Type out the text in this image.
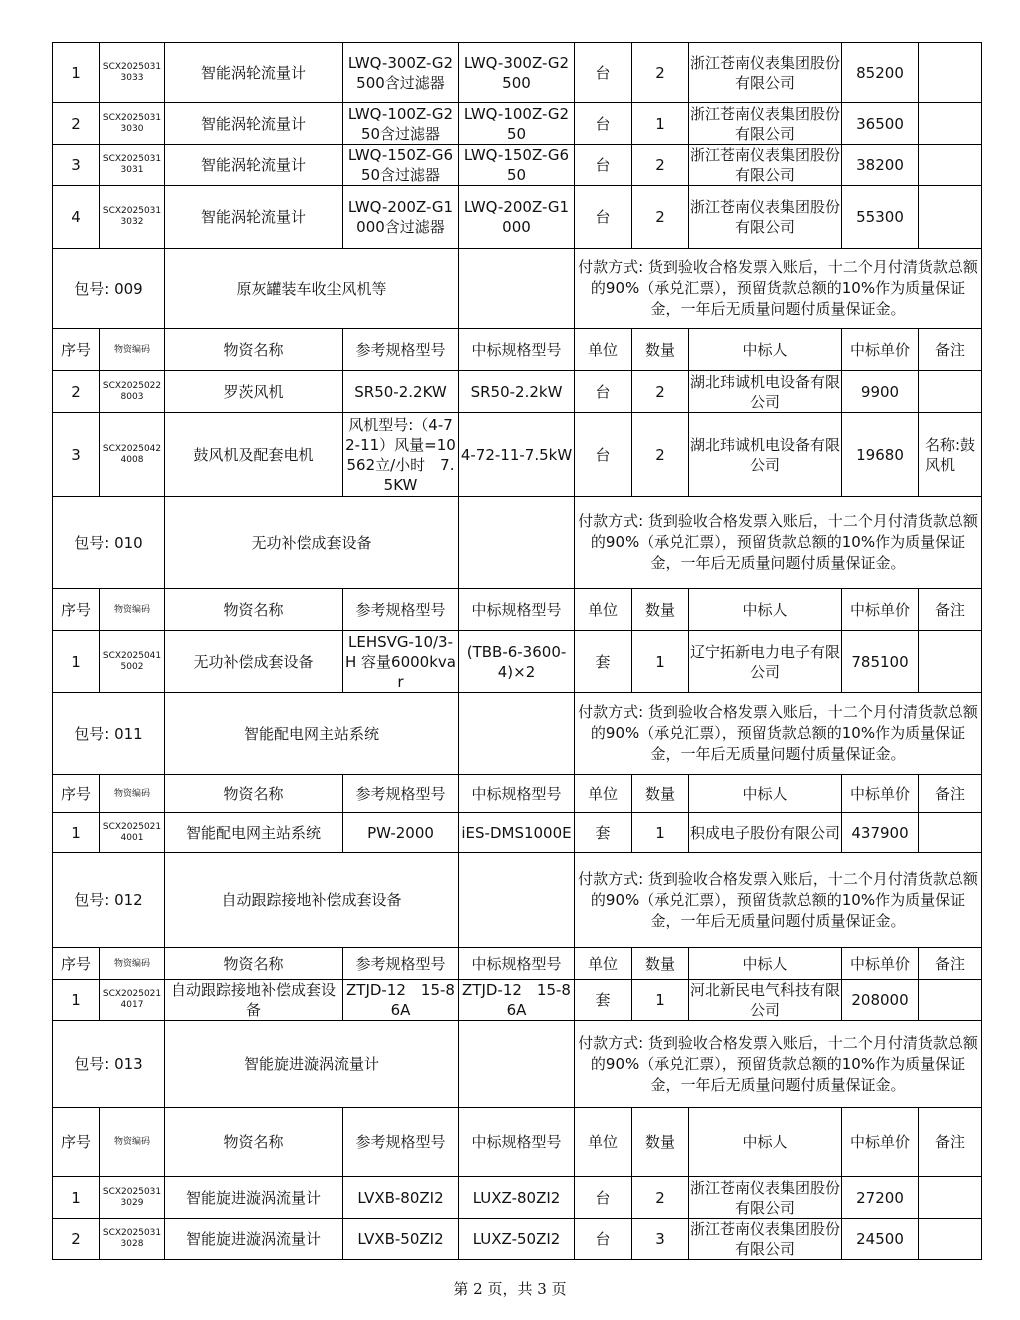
1	SCX20250313033	智能涡轮流量计	LWQ-300Z-G2500含过滤器	LWQ-300Z-G2500	台	2	浙江苍南仪表集团股份有限公司	85200	
2	SCX20250313030	智能涡轮流量计	LWQ-100Z-G250含过滤器	LWQ-100Z-G250	台	1	浙江苍南仪表集团股份有限公司	36500	
3	SCX20250313031	智能涡轮流量计	LWQ-150Z-G650含过滤器	LWQ-150Z-G650	台	2	浙江苍南仪表集团股份有限公司	38200	
4	SCX20250313032	智能涡轮流量计	LWQ-200Z-G1000含过滤器	LWQ-200Z-G1000	台	2	浙江苍南仪表集团股份有限公司	55300	
包号: 009		原灰罐装车收尘风机等			付款方式: 货到验收合格发票入账后，十二个月付清货款总额的90%（承兑汇票），预留货款总额的10%作为质量保证金，一年后无质量问题付质量保证金。				
序号	物资编码	物资名称	参考规格型号	中标规格型号	单位	数量	中标人	中标单价	备注
2	SCX20250228003	罗茨风机	SR50-2.2KW	SR50-2.2kW	台	2	湖北玮诚机电设备有限公司	9900	
3	SCX20250424008	鼓风机及配套电机	风机型号:（4-72-11）风量=10562立/小时　7.5KW	4-72-11-7.5kW	台	2	湖北玮诚机电设备有限公司	19680	名称:鼓风机
包号: 010		无功补偿成套设备			付款方式: 货到验收合格发票入账后，十二个月付清货款总额的90%（承兑汇票），预留货款总额的10%作为质量保证金，一年后无质量问题付质量保证金。				
序号	物资编码	物资名称	参考规格型号	中标规格型号	单位	数量	中标人	中标单价	备注
1	SCX20250415002	无功补偿成套设备	LEHSVG-10/3-H 容量6000kvar	(TBB-6-3600-4)×2	套	1	辽宁拓新电力电子有限公司	785100	
包号: 011		智能配电网主站系统			付款方式: 货到验收合格发票入账后，十二个月付清货款总额的90%（承兑汇票），预留货款总额的10%作为质量保证金，一年后无质量问题付质量保证金。				
序号	物资编码	物资名称	参考规格型号	中标规格型号	单位	数量	中标人	中标单价	备注
1	SCX20250214001	智能配电网主站系统	PW-2000	iES-DMS1000E	套	1	积成电子股份有限公司	437900	
包号: 012		自动跟踪接地补偿成套设备			付款方式: 货到验收合格发票入账后，十二个月付清货款总额的90%（承兑汇票），预留货款总额的10%作为质量保证金，一年后无质量问题付质量保证金。				
序号	物资编码	物资名称	参考规格型号	中标规格型号	单位	数量	中标人	中标单价	备注
1	SCX20250214017	自动跟踪接地补偿成套设备	ZTJD-12　15-86A	ZTJD-12　15-86A	套	1	河北新民电气科技有限公司	208000	
包号: 013		智能旋进漩涡流量计			付款方式: 货到验收合格发票入账后，十二个月付清货款总额的90%（承兑汇票），预留货款总额的10%作为质量保证金，一年后无质量问题付质量保证金。				
序号	物资编码	物资名称	参考规格型号	中标规格型号	单位	数量	中标人	中标单价	备注
1	SCX20250313029	智能旋进漩涡流量计	LVXB-80ZI2	LUXZ-80ZI2	台	2	浙江苍南仪表集团股份有限公司	27200	
2	SCX20250313028	智能旋进漩涡流量计	LVXB-50ZI2	LUXZ-50ZI2	台	3	浙江苍南仪表集团股份有限公司	24500	
第 2 页，共 3 页
